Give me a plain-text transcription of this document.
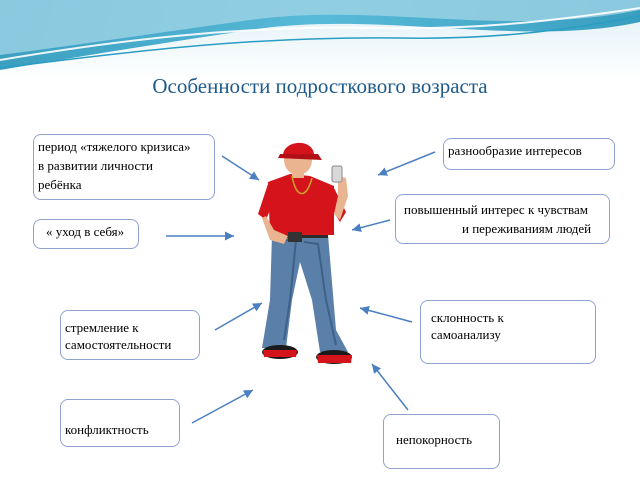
Особенности подросткового возраста
период «тяжелого кризиса»
в развитии личности
ребёнка
« уход в себя»
стремление к
самостоятельности
конфликтность
разнообразие интересов
повышенный интерес к чувствам
и переживаниям людей
склонность к
самоанализу
непокорность
